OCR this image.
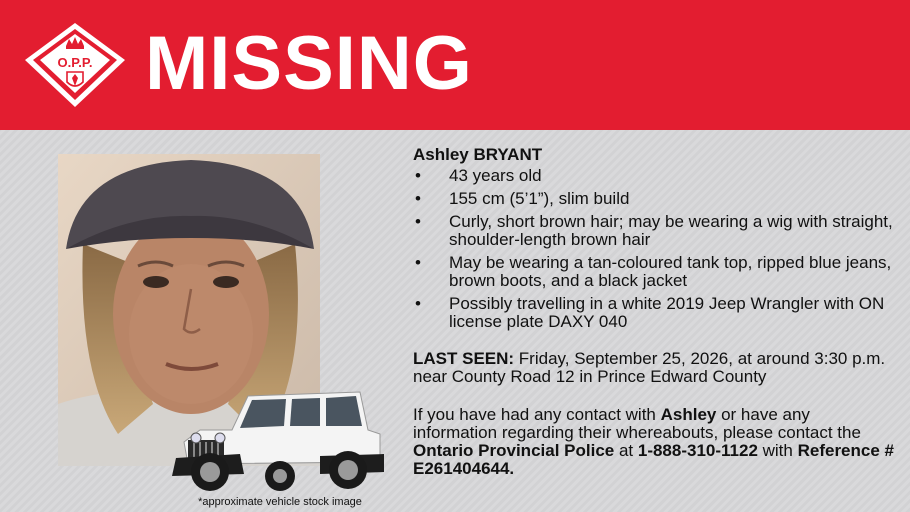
O.P.P. MISSING
*approximate vehicle stock image
Ashley BRYANT
• 43 years old
• 155 cm (5’1”), slim build
• Curly, short brown hair; may be wearing a wig with straight, shoulder-length brown hair
• May be wearing a tan-coloured tank top, ripped blue jeans, brown boots, and a black jacket
• Possibly travelling in a white 2019 Jeep Wrangler with ON license plate DAXY 040
LAST SEEN: Friday, September 25, 2026, at around 3:30 p.m. near County Road 12 in Prince Edward County
If you have had any contact with Ashley or have any information regarding their whereabouts, please contact the Ontario Provincial Police at 1-888-310-1122 with Reference # E261404644.
